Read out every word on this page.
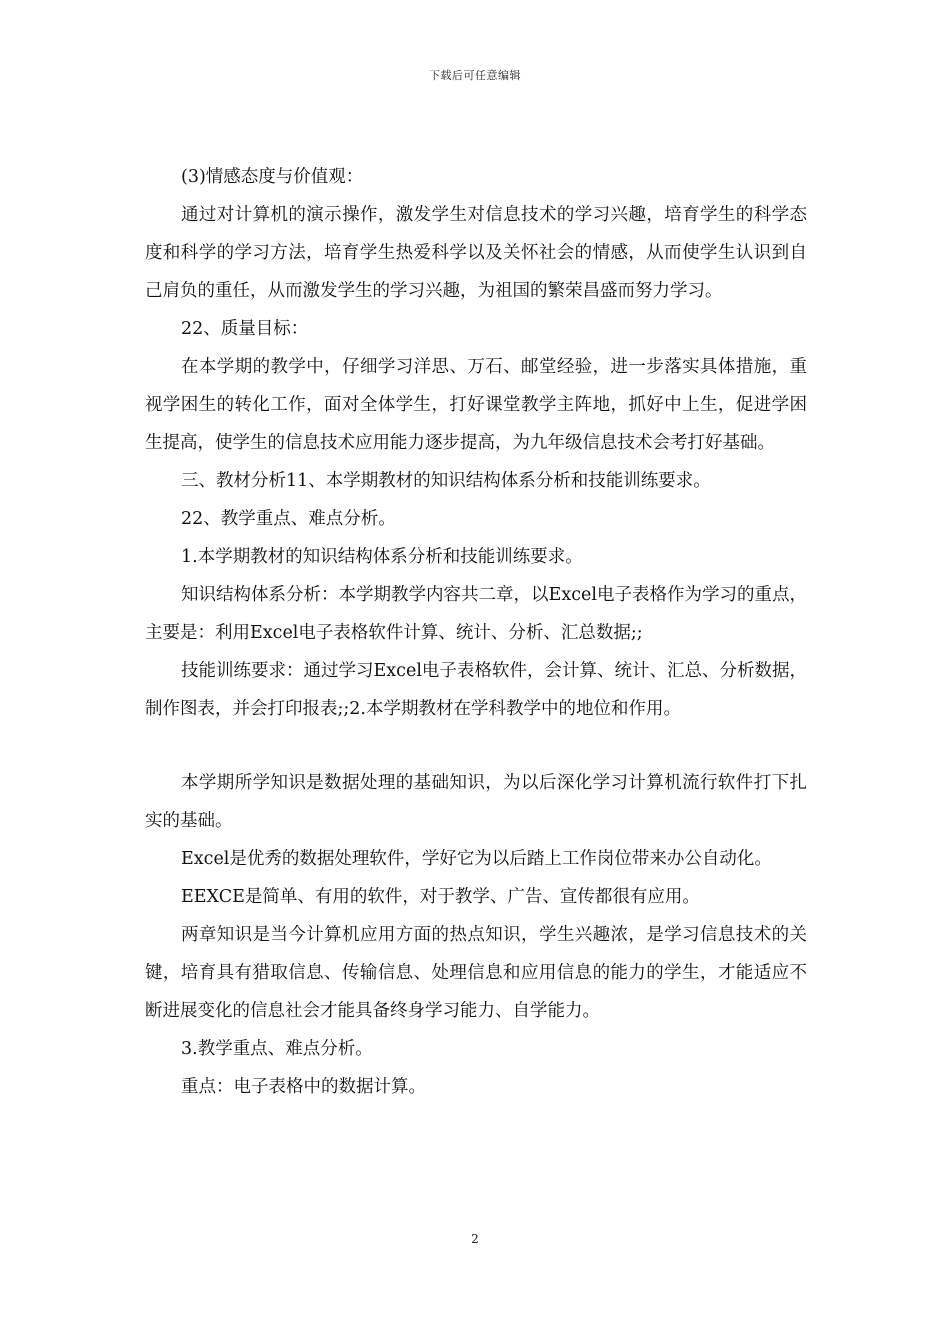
下载后可任意编辑

(3)情感态度与价值观：

通过对计算机的演示操作，激发学生对信息技术的学习兴趣，培育学生的科学态度和科学的学习方法，培育学生热爱科学以及关怀社会的情感，从而使学生认识到自己肩负的重任，从而激发学生的学习兴趣，为祖国的繁荣昌盛而努力学习。

22、质量目标：

在本学期的教学中，仔细学习洋思、万石、邮堂经验，进一步落实具体措施，重视学困生的转化工作，面对全体学生，打好课堂教学主阵地，抓好中上生，促进学困生提高，使学生的信息技术应用能力逐步提高，为九年级信息技术会考打好基础。

三、教材分析11、本学期教材的知识结构体系分析和技能训练要求。

22、教学重点、难点分析。

1.本学期教材的知识结构体系分析和技能训练要求。

知识结构体系分析：本学期教学内容共二章，以Excel电子表格作为学习的重点，主要是：利用Excel电子表格软件计算、统计、分析、汇总数据;;

技能训练要求：通过学习Excel电子表格软件，会计算、统计、汇总、分析数据，制作图表，并会打印报表;;2.本学期教材在学科教学中的地位和作用。

本学期所学知识是数据处理的基础知识，为以后深化学习计算机流行软件打下扎实的基础。

Excel是优秀的数据处理软件，学好它为以后踏上工作岗位带来办公自动化。

EEXCE是简单、有用的软件，对于教学、广告、宣传都很有应用。

两章知识是当今计算机应用方面的热点知识，学生兴趣浓，是学习信息技术的关键，培育具有猎取信息、传输信息、处理信息和应用信息的能力的学生，才能适应不断进展变化的信息社会才能具备终身学习能力、自学能力。

3.教学重点、难点分析。

重点：电子表格中的数据计算。

2
